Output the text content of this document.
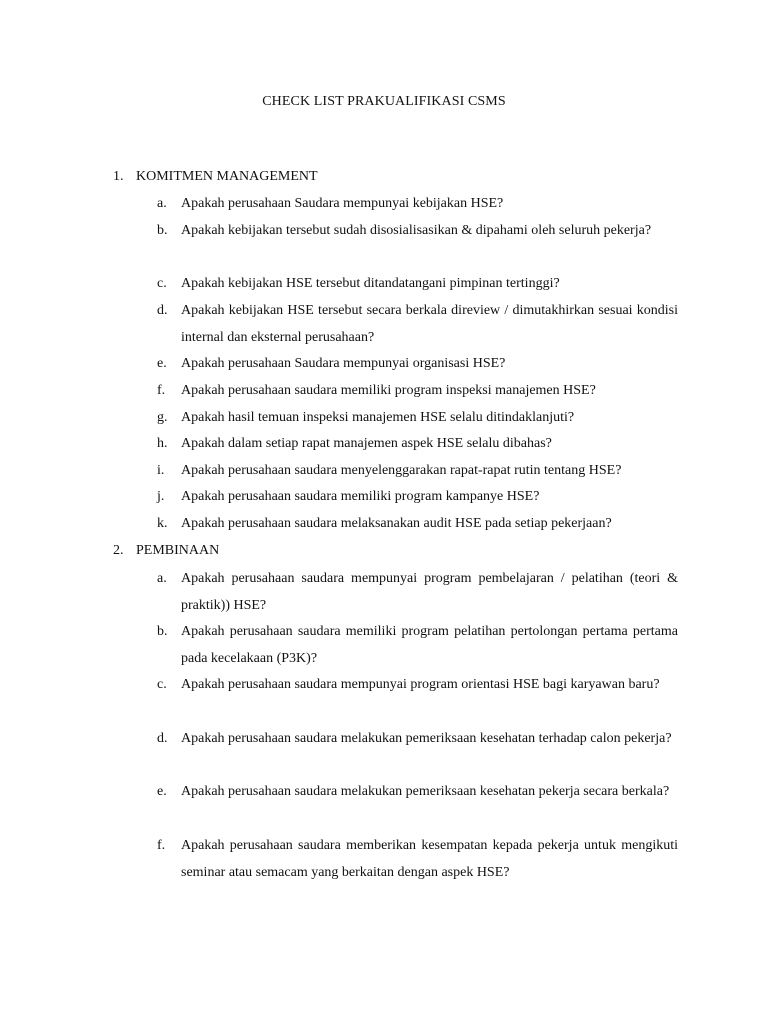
CHECK LIST PRAKUALIFIKASI CSMS
1. KOMITMEN MANAGEMENT
a. Apakah perusahaan Saudara mempunyai kebijakan HSE?
b. Apakah kebijakan tersebut sudah disosialisasikan & dipahami oleh seluruh pekerja?
c. Apakah kebijakan HSE tersebut ditandatangani pimpinan tertinggi?
d. Apakah kebijakan HSE tersebut secara berkala direview / dimutakhirkan sesuai kondisi internal dan eksternal perusahaan?
e. Apakah perusahaan Saudara mempunyai organisasi HSE?
f. Apakah perusahaan saudara memiliki program inspeksi manajemen HSE?
g. Apakah hasil temuan inspeksi manajemen HSE selalu ditindaklanjuti?
h. Apakah dalam setiap rapat manajemen aspek HSE selalu dibahas?
i. Apakah perusahaan saudara menyelenggarakan rapat-rapat rutin tentang HSE?
j. Apakah perusahaan saudara memiliki program kampanye HSE?
k. Apakah perusahaan saudara melaksanakan audit HSE pada setiap pekerjaan?
2. PEMBINAAN
a. Apakah perusahaan saudara mempunyai program pembelajaran / pelatihan (teori & praktik)) HSE?
b. Apakah perusahaan saudara memiliki program pelatihan pertolongan pertama pertama pada kecelakaan (P3K)?
c. Apakah perusahaan saudara mempunyai program orientasi HSE bagi karyawan baru?
d. Apakah perusahaan saudara melakukan pemeriksaan kesehatan terhadap calon pekerja?
e. Apakah perusahaan saudara melakukan pemeriksaan kesehatan pekerja secara berkala?
f. Apakah perusahaan saudara memberikan kesempatan kepada pekerja untuk mengikuti seminar atau semacam yang berkaitan dengan aspek HSE?
